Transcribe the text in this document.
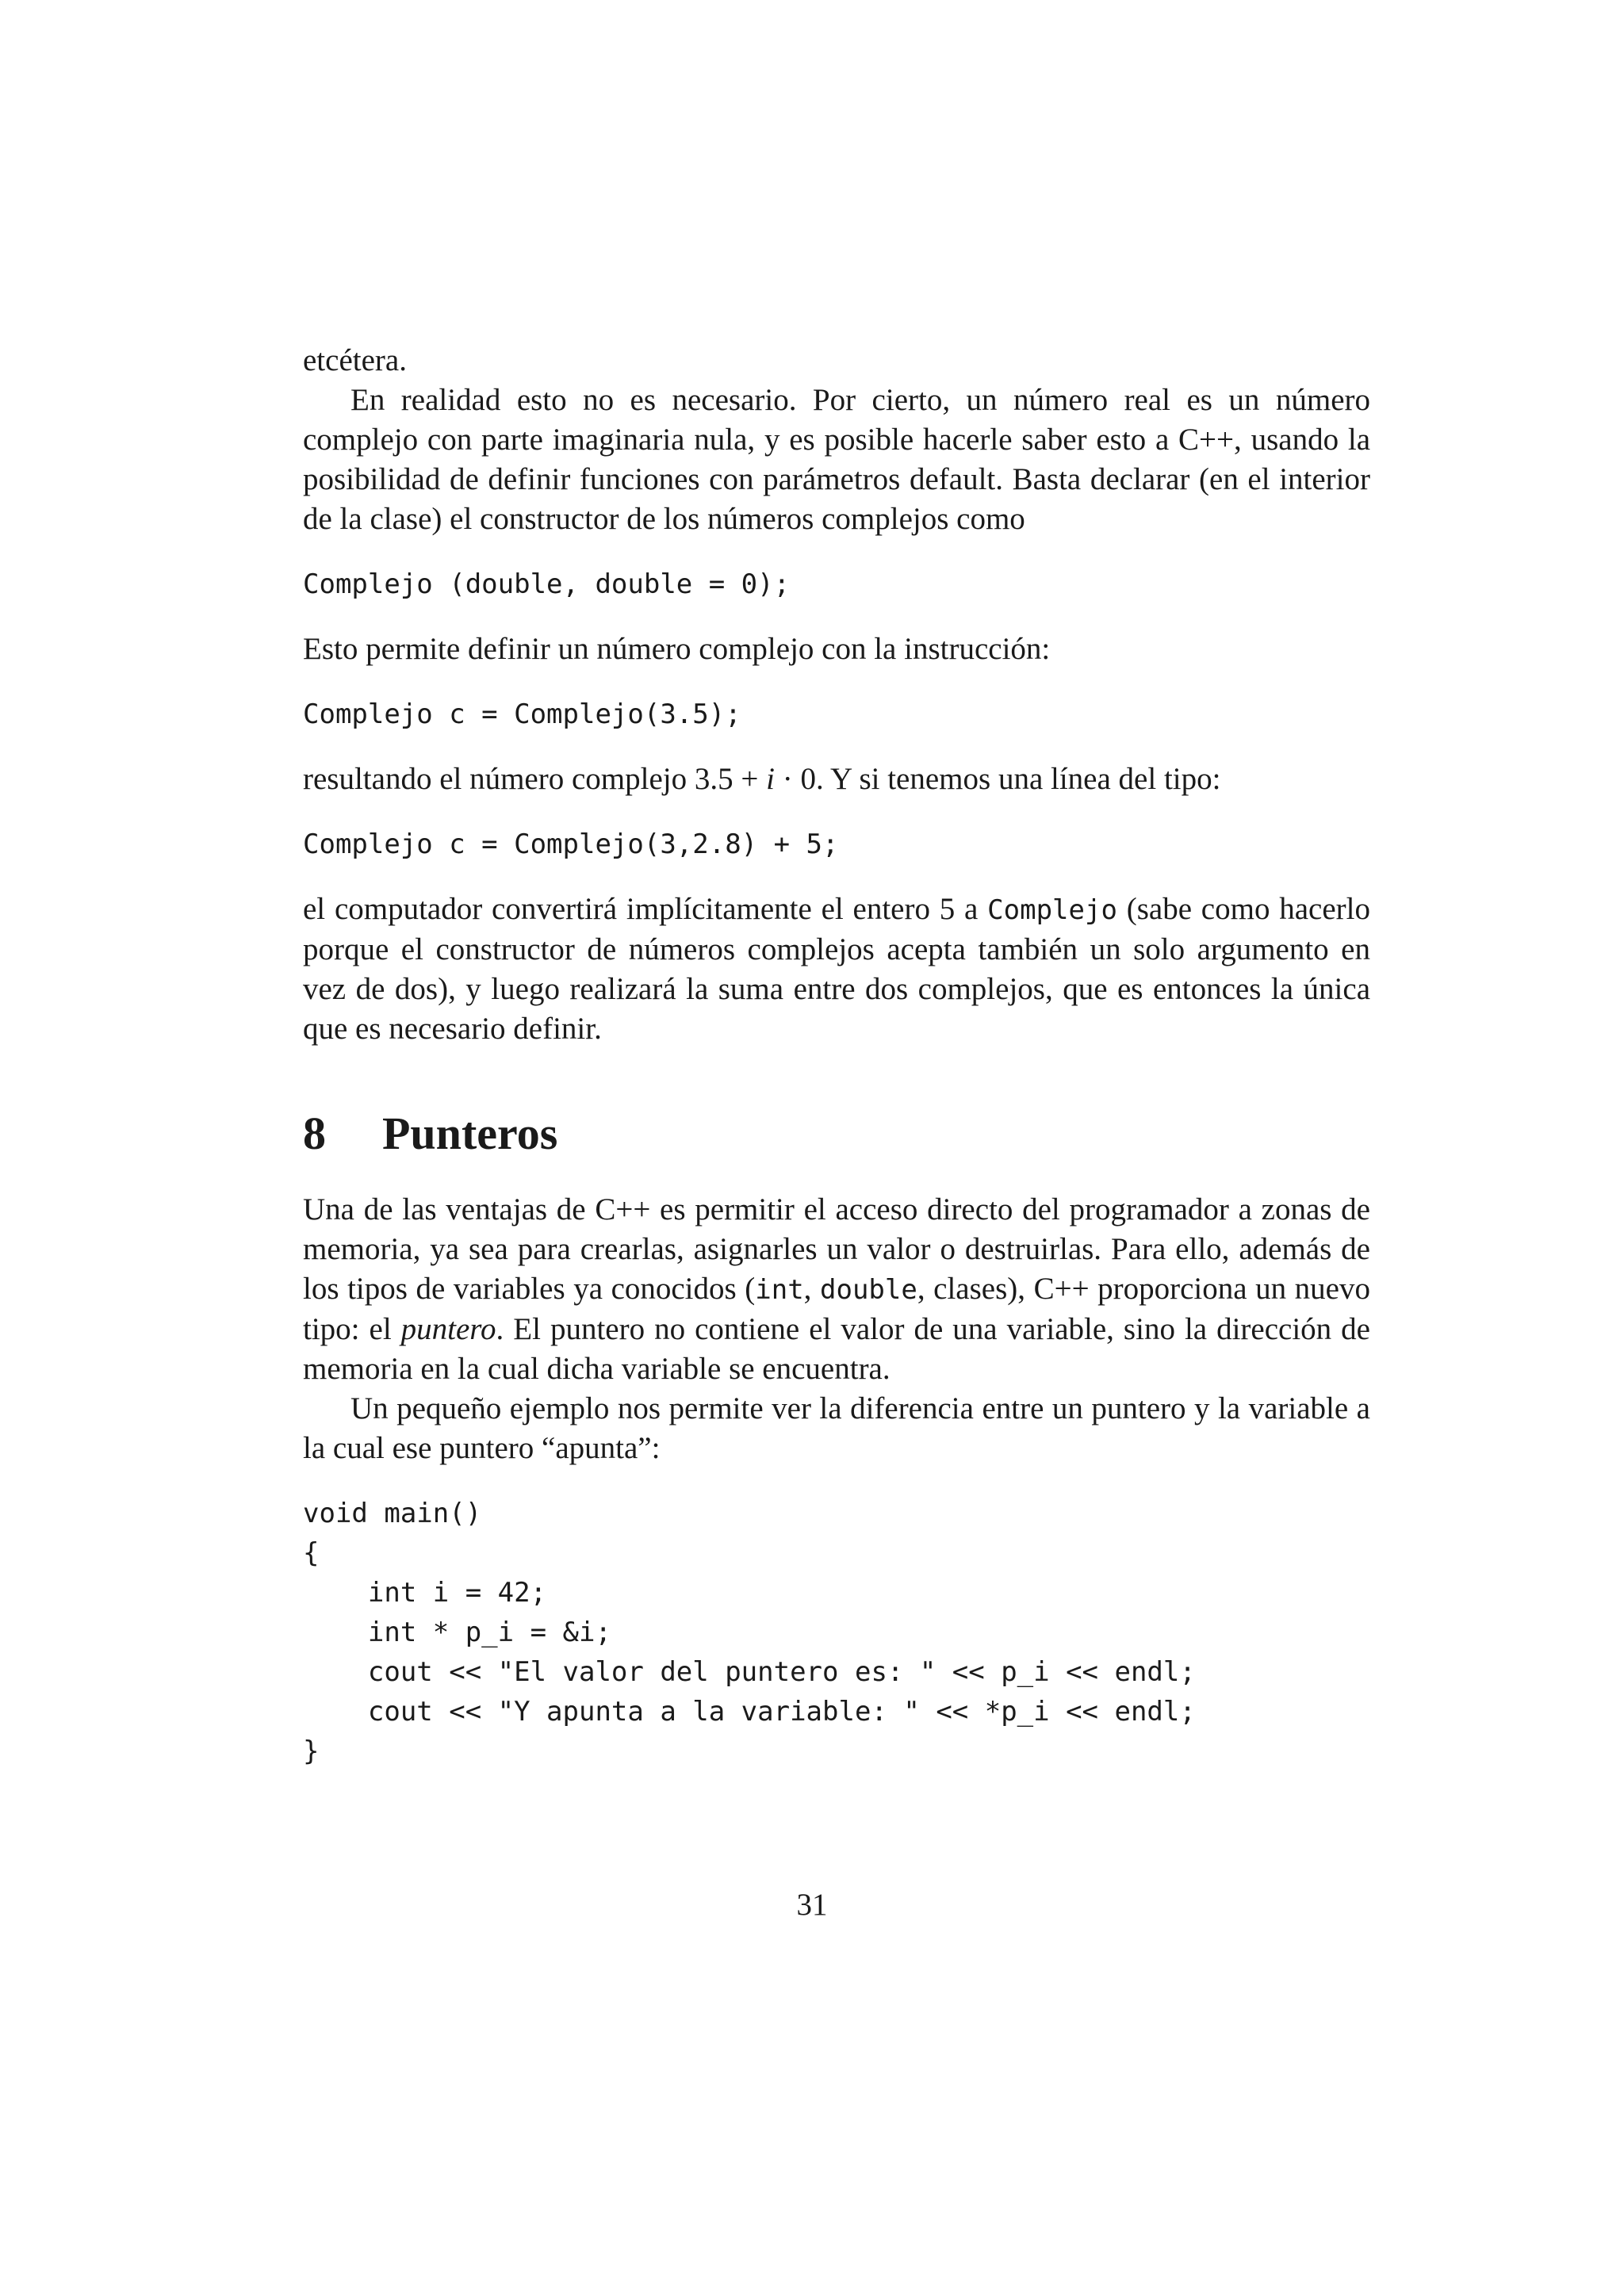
etcétera.

En realidad esto no es necesario. Por cierto, un número real es un número complejo con parte imaginaria nula, y es posible hacerle saber esto a C++, usando la posibilidad de definir funciones con parámetros default. Basta declarar (en el interior de la clase) el constructor de los números complejos como

Complejo (double, double = 0);

Esto permite definir un número complejo con la instrucción:

Complejo c = Complejo(3.5);

resultando el número complejo 3.5 + i · 0. Y si tenemos una línea del tipo:

Complejo c = Complejo(3,2.8) + 5;

el computador convertirá implícitamente el entero 5 a Complejo (sabe como hacerlo porque el constructor de números complejos acepta también un solo argumento en vez de dos), y luego realizará la suma entre dos complejos, que es entonces la única que es necesario definir.

8	Punteros

Una de las ventajas de C++ es permitir el acceso directo del programador a zonas de memoria, ya sea para crearlas, asignarles un valor o destruirlas. Para ello, además de los tipos de variables ya conocidos (int, double, clases), C++ proporciona un nuevo tipo: el puntero. El puntero no contiene el valor de una variable, sino la dirección de memoria en la cual dicha variable se encuentra.

Un pequeño ejemplo nos permite ver la diferencia entre un puntero y la variable a la cual ese puntero “apunta”:

void main()
{
int i = 42;
int * p_i = &i;
cout << "El valor del puntero es: " << p_i << endl;
cout << "Y apunta a la variable: " << *p_i << endl;
}

31
